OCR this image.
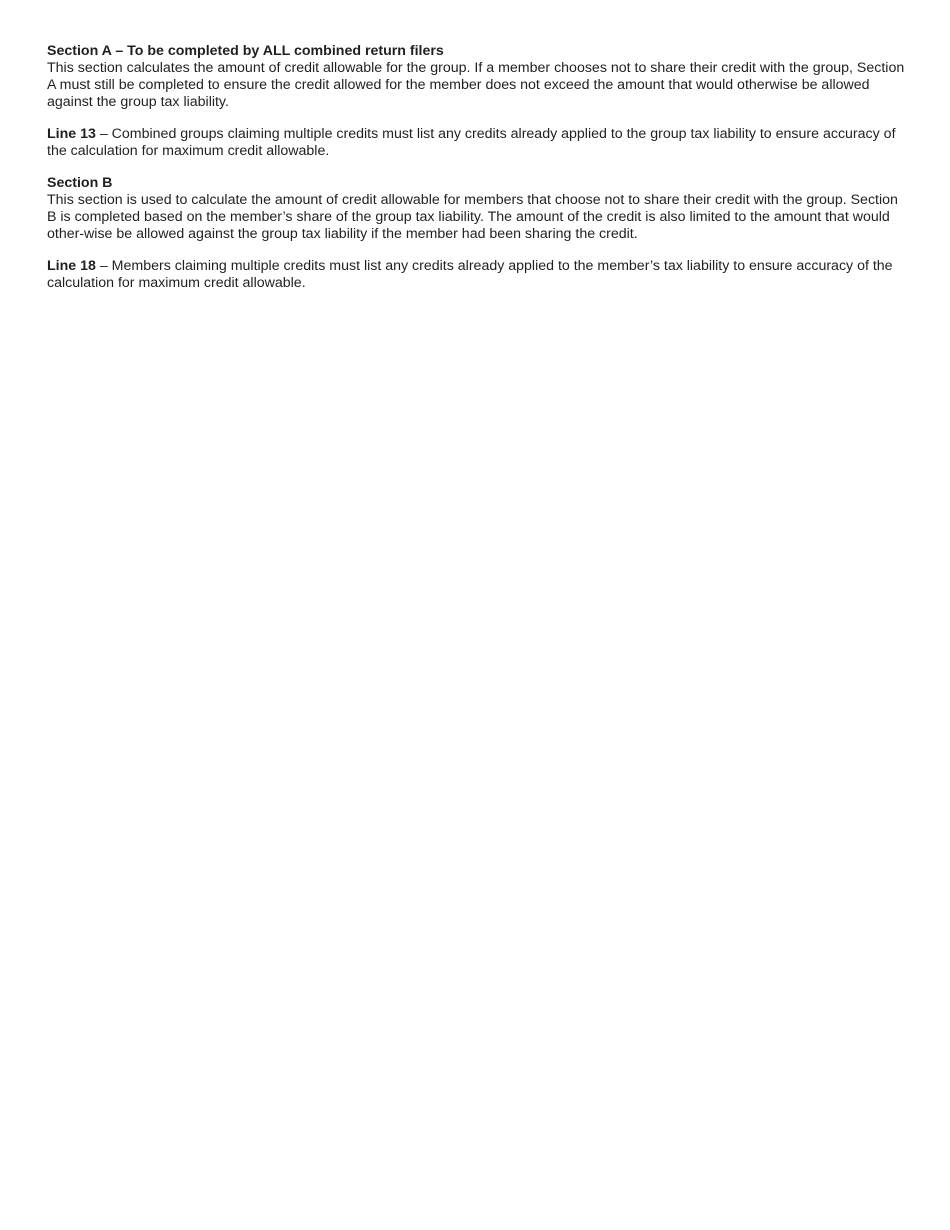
Section A – To be completed by ALL combined return filers

This section calculates the amount of credit allowable for the group. If a member chooses not to share their credit with the group, Section A must still be completed to ensure the credit allowed for the member does not exceed the amount that would otherwise be allowed against the group tax liability.

Line 13 – Combined groups claiming multiple credits must list any credits already applied to the group tax liability to ensure accuracy of the calculation for maximum credit allowable.

Section B

This section is used to calculate the amount of credit allowable for members that choose not to share their credit with the group. Section B is completed based on the member’s share of the group tax liability. The amount of the credit is also limited to the amount that would other-wise be allowed against the group tax liability if the member had been sharing the credit.

Line 18 – Members claiming multiple credits must list any credits already applied to the member’s tax liability to ensure accuracy of the calculation for maximum credit allowable.
